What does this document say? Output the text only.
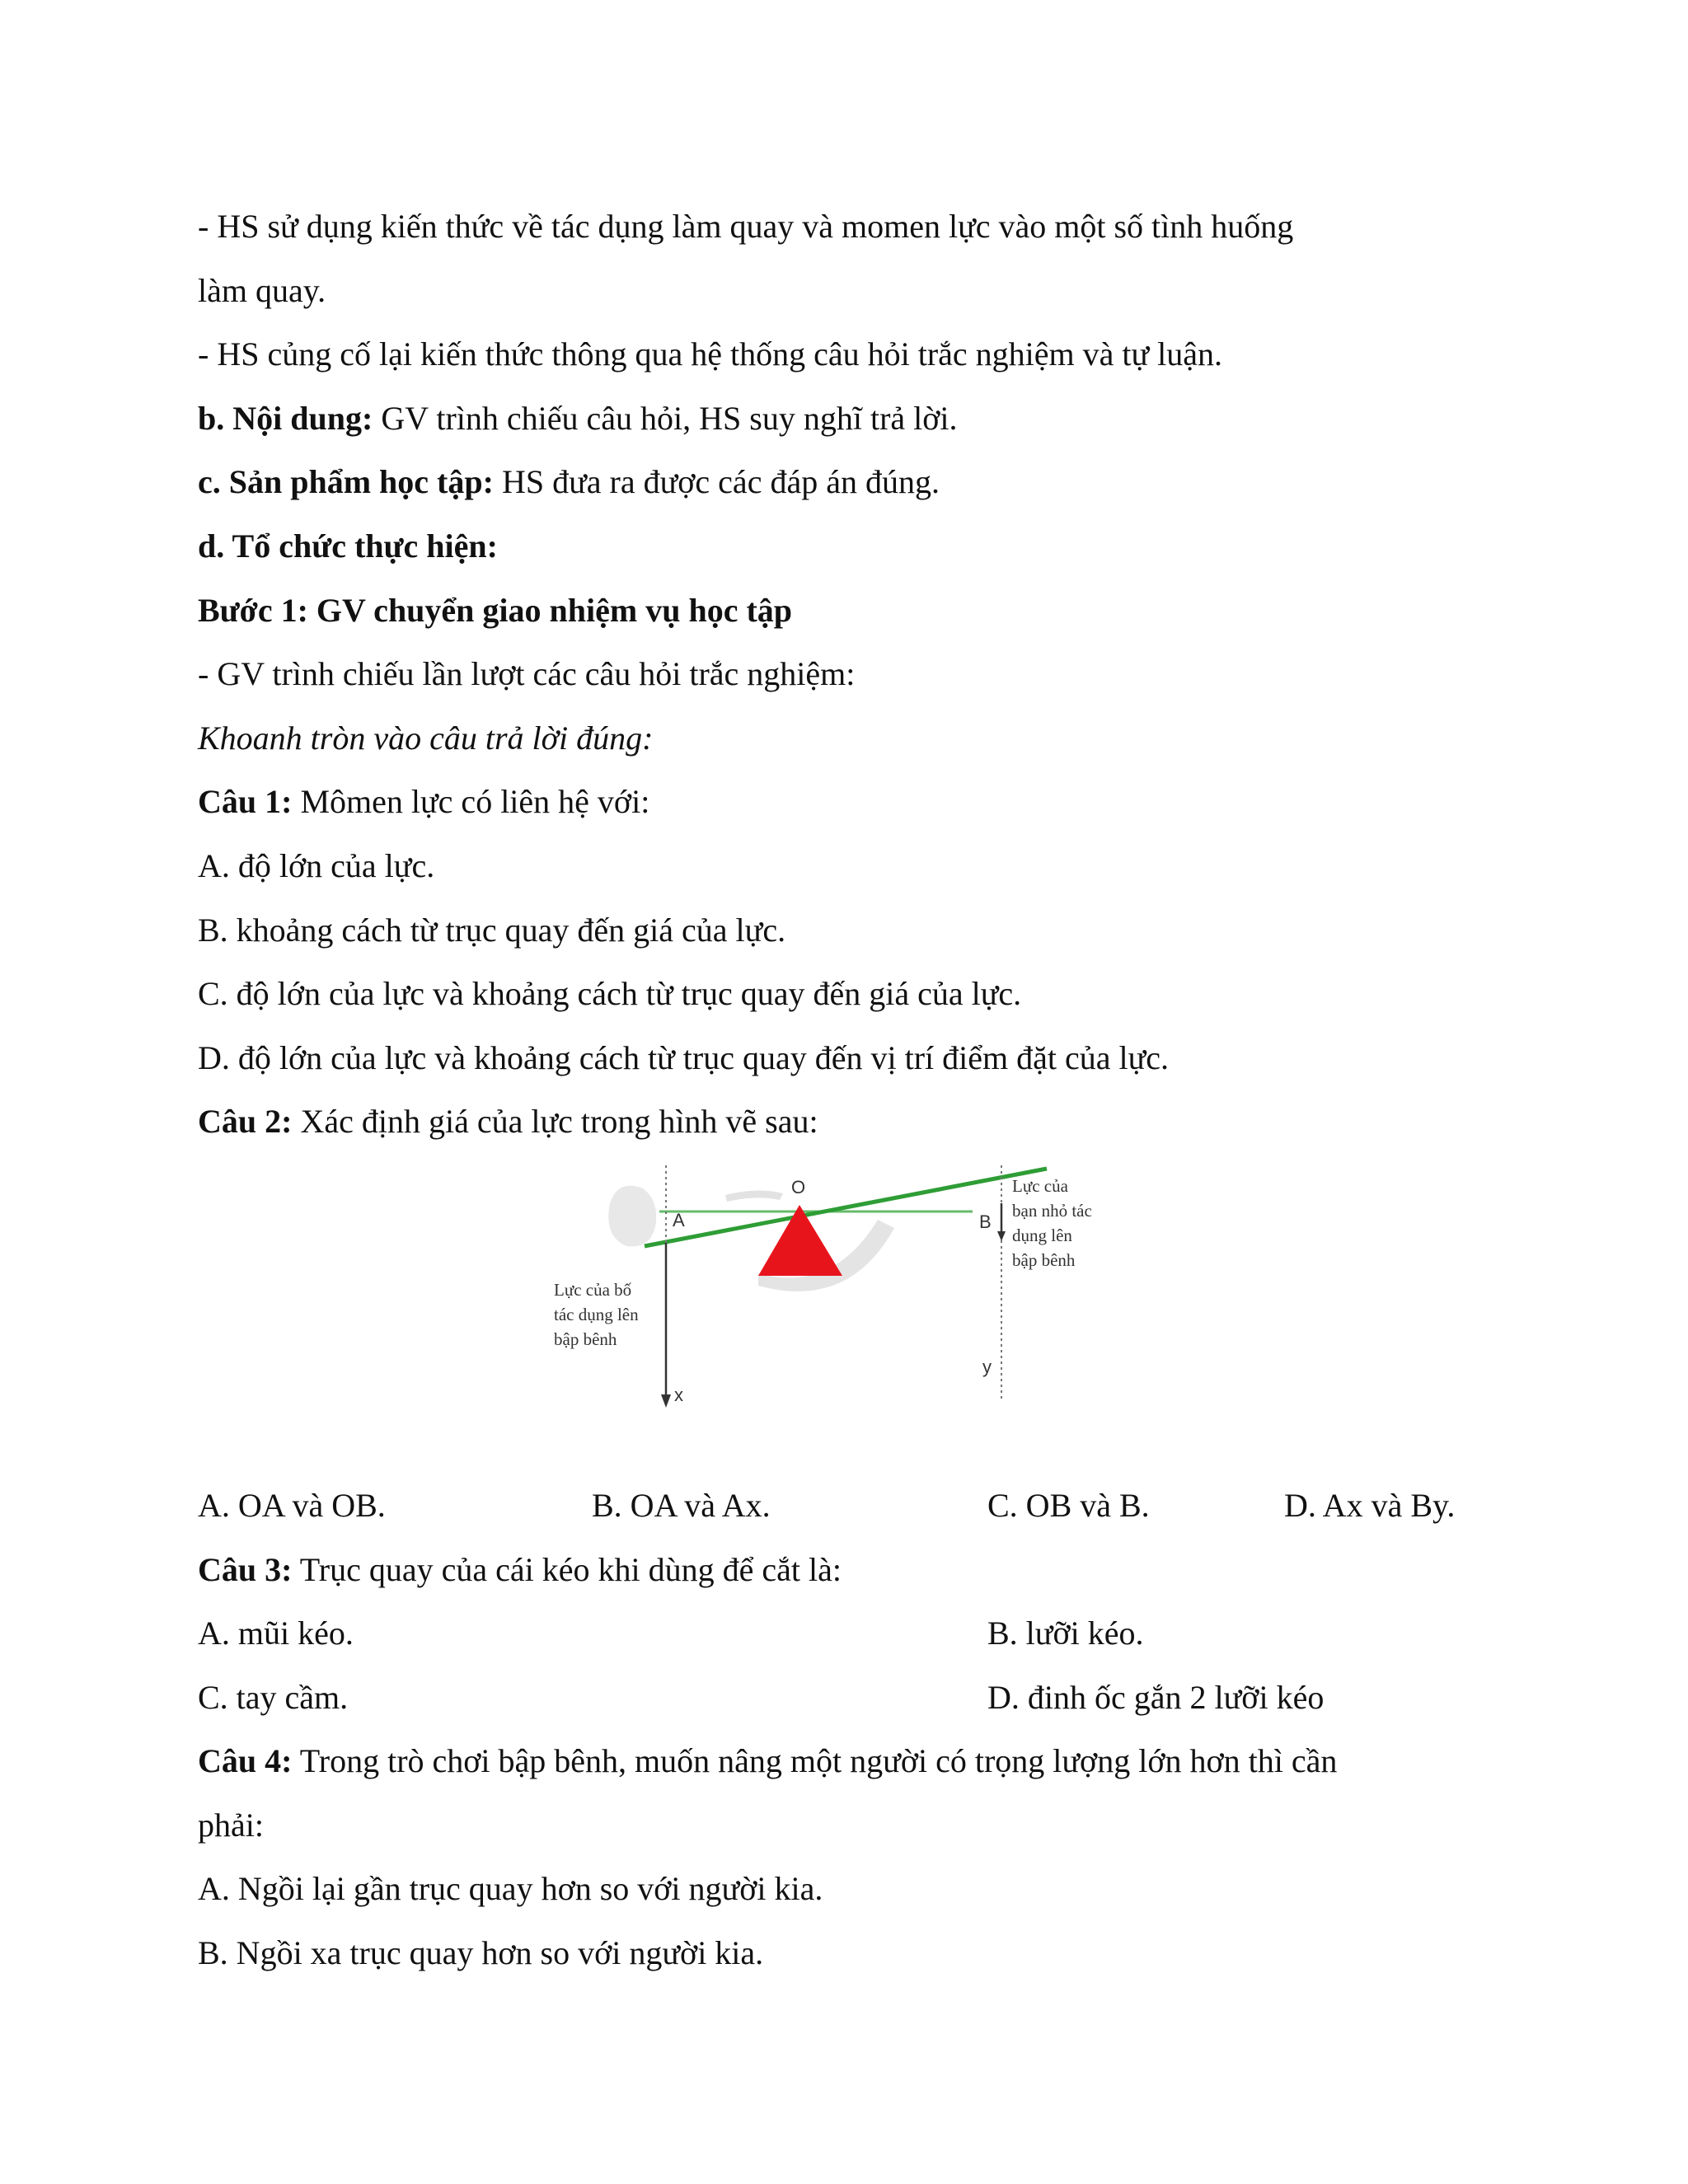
- HS sử dụng kiến thức về tác dụng làm quay và momen lực vào một số tình huống
làm quay.
- HS củng cố lại kiến thức thông qua hệ thống câu hỏi trắc nghiệm và tự luận.
b. Nội dung: GV trình chiếu câu hỏi, HS suy nghĩ trả lời.
c. Sản phẩm học tập: HS đưa ra được các đáp án đúng.
d. Tổ chức thực hiện:
Bước 1: GV chuyển giao nhiệm vụ học tập
- GV trình chiếu lần lượt các câu hỏi trắc nghiệm:
Khoanh tròn vào câu trả lời đúng:
Câu 1: Mômen lực có liên hệ với:
A. độ lớn của lực.
B. khoảng cách từ trục quay đến giá của lực.
C. độ lớn của lực và khoảng cách từ trục quay đến giá của lực.
D. độ lớn của lực và khoảng cách từ trục quay đến vị trí điểm đặt của lực.
Câu 2: Xác định giá của lực trong hình vẽ sau:
O
A	B
x
y
Lực của bố tác dụng lên bập bênh
Lực của bạn nhỏ tác dụng lên bập bênh
A. OA và OB.	B. OA và Ax.	C. OB và B.	D. Ax và By.
Câu 3: Trục quay của cái kéo khi dùng để cắt là:
A. mũi kéo.	B. lưỡi kéo.
C. tay cầm.	D. đinh ốc gắn 2 lưỡi kéo
Câu 4: Trong trò chơi bập bênh, muốn nâng một người có trọng lượng lớn hơn thì cần
phải:
A. Ngồi lại gần trục quay hơn so với người kia.
B. Ngồi xa trục quay hơn so với người kia.
